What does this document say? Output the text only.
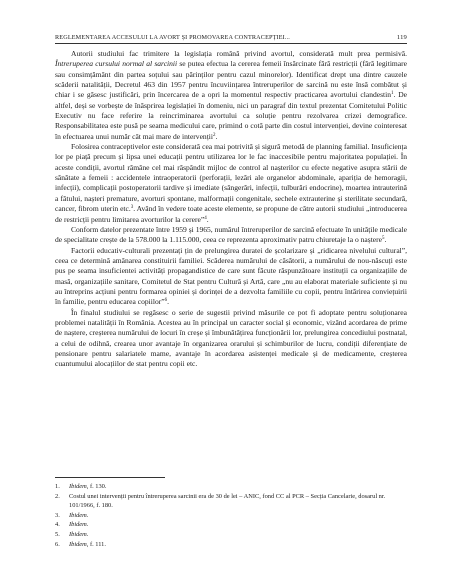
REGLEMENTAREA ACCESULUI LA AVORT ȘI PROMOVAREA CONTRACEPȚIEI...	119

Autorii studiului fac trimitere la legislația română privind avortul, considerată mult prea permisivă. Întreruperea cursului normal al sarcinii se putea efectua la cererea femeii însărcinate fără restricții (fără legitimare sau consimțământ din partea soțului sau părinților pentru cazul minorelor). Identificat drept una dintre cauzele scăderii natalității, Decretul 463 din 1957 pentru încuviințarea întreruperilor de sarcină nu este însă combătut și chiar i se găsesc justificări, prin încercarea de a opri la momentul respectiv practicarea avortului clandestin$^1$. De altfel, deși se vorbește de înăsprirea legislației în domeniu, nici un paragraf din textul prezentat Comitetului Politic Executiv nu face referire la reincriminarea avortului ca soluție pentru rezolvarea crizei demografice. Responsabilitatea este pusă pe seama medicului care, primind o cotă parte din costul intervenției, devine cointeresat în efectuarea unui număr cât mai mare de intervenții$^2$.

Folosirea contraceptivelor este considerată cea mai potrivită și sigură metodă de planning familial. Insuficiența lor pe piață precum și lipsa unei educații pentru utilizarea lor le fac inaccesibile pentru majoritatea populației. În aceste condiții, avortul rămâne cel mai răspândit mijloc de control al nașterilor cu efecte negative asupra stării de sănătate a femeii : accidentele intraoperatorii (perforații, lezări ale organelor abdominale, apariția de hemoragii, infecții), complicații postoperatorii tardive și imediate (sângerări, infecții, tulburări endocrine), moartea intrauterină a fătului, nașteri premature, avorturi spontane, malformații congenitale, sechele extrauterine și sterilitate secundară, cancer, fibrom uterin etc.$^3$. Având în vedere toate aceste elemente, se propune de către autorii studiului „introducerea de restricții pentru limitarea avorturilor la cerere”$^4$.

Conform datelor prezentate între 1959 și 1965, numărul întreruperilor de sarcină efectuate în unitățile medicale de specialitate crește de la 578.000 la 1.115.000, ceea ce reprezenta aproximativ patru chiuretaje la o naștere$^5$.

Factorii educativ-culturali prezentați țin de prelungirea duratei de școlarizare și „ridicarea nivelului cultural”, ceea ce determină amânarea constituirii familiei. Scăderea numărului de căsătorii, a numărului de nou-născuți este pus pe seama insuficientei activități propagandistice de care sunt făcute răspunzătoare instituții ca organizațiile de masă, organizațiile sanitare, Comitetul de Stat pentru Cultură și Artă, care „nu au elaborat materiale suficiente și nu au întreprins acțiuni pentru formarea opiniei și dorinței de a dezvolta familiile cu copii, pentru întărirea conviețuirii în familie, pentru educarea copiilor”$^6$.

În finalul studiului se regăsesc o serie de sugestii privind măsurile ce pot fi adoptate pentru soluționarea problemei natalității în România. Acestea au în principal un caracter social și economic, vizând acordarea de prime de naștere, creșterea numărului de locuri în creșe și îmbunătățirea funcționării lor, prelungirea concediului postnatal, a celui de odihnă, crearea unor avantaje în organizarea orarului și schimburilor de lucru, condiții diferențiate de pensionare pentru salariatele mame, avantaje în acordarea asistenței medicale și de medicamente, creșterea cuantumului alocațiilor de stat pentru copii etc.

1.	Ibidem, f. 130.
2.	Costul unei intervenții pentru întreruperea sarcinii era de 30 de lei – ANIC, fond CC al PCR – Secția Cancelarie, dosarul nr. 101/1966, f. 180.
3.	Ibidem.
4.	Ibidem.
5.	Ibidem.
6.	Ibidem, f. 111.
